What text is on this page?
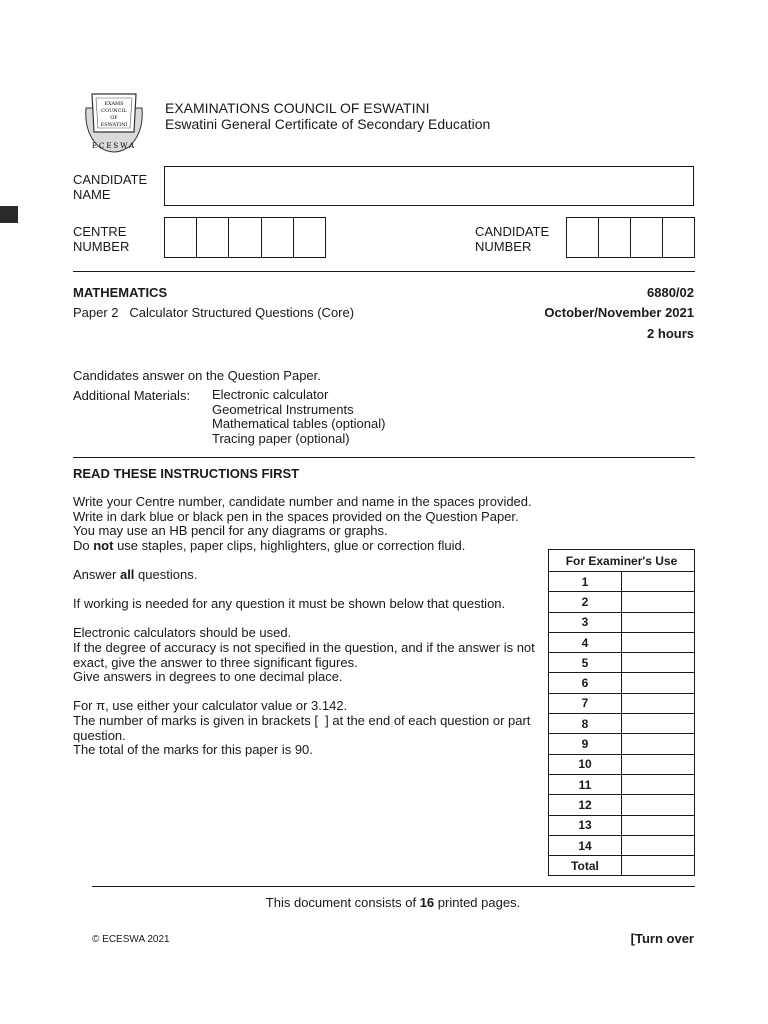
EXAMS
COUNCIL
OF
ESWATINI
ECESWA
EXAMINATIONS COUNCIL OF ESWATINI
Eswatini General Certificate of Secondary Education
CANDIDATE
NAME
CENTRE
NUMBER
CANDIDATE
NUMBER
MATHEMATICS	6880/02
Paper 2   Calculator Structured Questions (Core)	October/November 2021
2 hours
Candidates answer on the Question Paper.
Additional Materials: Electronic calculator
Geometrical Instruments
Mathematical tables (optional)
Tracing paper (optional)
READ THESE INSTRUCTIONS FIRST

Write your Centre number, candidate number and name in the spaces provided.

Write in dark blue or black pen in the spaces provided on the Question Paper.

You may use an HB pencil for any diagrams or graphs.

Do not use staples, paper clips, highlighters, glue or correction fluid.

Answer all questions.

If working is needed for any question it must be shown below that question.

Electronic calculators should be used.

If the degree of accuracy is not specified in the question, and if the answer is not

exact, give the answer to three significant figures.

Give answers in degrees to one decimal place.

For π, use either your calculator value or 3.142.

The number of marks is given in brackets [  ] at the end of each question or part

question.

The total of the marks for this paper is 90.

For Examiner's Use	
1	
2	
3	
4	
5	
6	
7	
8	
9	
10	
11	
12	
13	
14	
Total	
This document consists of 16 printed pages.
© ECESWA 2021	[Turn over
